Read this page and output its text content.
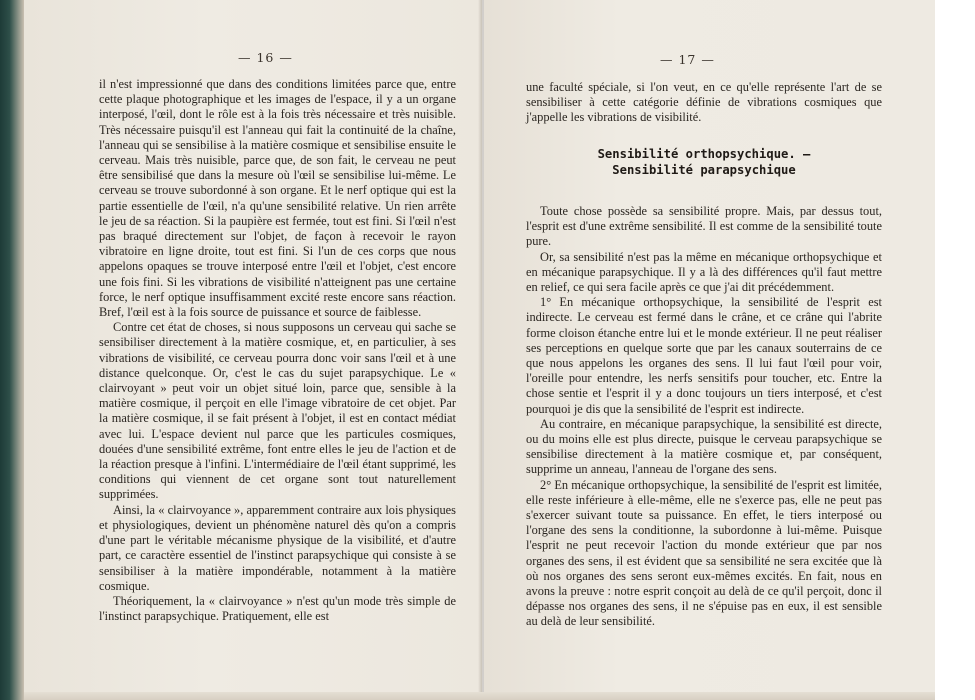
— 16 —

il n'est impressionné que dans des conditions limitées parce que, entre cette plaque photographique et les images de l'espace, il y a un organe interposé, l'œil, dont le rôle est à la fois très nécessaire et très nuisible. Très nécessaire puisqu'il est l'anneau qui fait la continuité de la chaîne, l'anneau qui se sensibilise à la matière cosmique et sensibilise ensuite le cerveau. Mais très nuisible, parce que, de son fait, le cerveau ne peut être sensibilisé que dans la mesure où l'œil se sensibilise lui-même. Le cerveau se trouve subordonné à son organe. Et le nerf optique qui est la partie essentielle de l'œil, n'a qu'une sensibilité relative. Un rien arrête le jeu de sa réaction. Si la paupière est fermée, tout est fini. Si l'œil n'est pas braqué directement sur l'objet, de façon à recevoir le rayon vibratoire en ligne droite, tout est fini. Si l'un de ces corps que nous appelons opaques se trouve interposé entre l'œil et l'objet, c'est encore une fois fini. Si les vibrations de visibilité n'atteignent pas une certaine force, le nerf optique insuffisamment excité reste encore sans réaction. Bref, l'œil est à la fois source de puissance et source de faiblesse.

Contre cet état de choses, si nous supposons un cerveau qui sache se sensibiliser directement à la matière cosmique, et, en particulier, à ses vibrations de visibilité, ce cerveau pourra donc voir sans l'œil et à une distance quelconque. Or, c'est le cas du sujet parapsychique. Le « clairvoyant » peut voir un objet situé loin, parce que, sensible à la matière cosmique, il perçoit en elle l'image vibratoire de cet objet. Par la matière cosmique, il se fait présent à l'objet, il est en contact médiat avec lui. L'espace devient nul parce que les particules cosmiques, douées d'une sensibilité extrême, font entre elles le jeu de l'action et de la réaction presque à l'infini. L'intermédiaire de l'œil étant supprimé, les conditions qui viennent de cet organe sont tout naturellement supprimées.

Ainsi, la « clairvoyance », apparemment contraire aux lois physiques et physiologiques, devient un phénomène naturel dès qu'on a compris d'une part le véritable mécanisme physique de la visibilité, et d'autre part, ce caractère essentiel de l'instinct parapsychique qui consiste à se sensibiliser à la matière impondérable, notamment à la matière cosmique.

Théoriquement, la « clairvoyance » n'est qu'un mode très simple de l'instinct parapsychique. Pratiquement, elle est

— 17 —

une faculté spéciale, si l'on veut, en ce qu'elle représente l'art de se sensibiliser à cette catégorie définie de vibrations cosmiques que j'appelle les vibrations de visibilité.

Sensibilité orthopsychique. —
Sensibilité parapsychique

Toute chose possède sa sensibilité propre. Mais, par dessus tout, l'esprit est d'une extrême sensibilité. Il est comme de la sensibilité toute pure.

Or, sa sensibilité n'est pas la même en mécanique orthopsychique et en mécanique parapsychique. Il y a là des différences qu'il faut mettre en relief, ce qui sera facile après ce que j'ai dit précédemment.

1° En mécanique orthopsychique, la sensibilité de l'esprit est indirecte. Le cerveau est fermé dans le crâne, et ce crâne qui l'abrite forme cloison étanche entre lui et le monde extérieur. Il ne peut réaliser ses perceptions en quelque sorte que par les canaux souterrains de ce que nous appelons les organes des sens. Il lui faut l'œil pour voir, l'oreille pour entendre, les nerfs sensitifs pour toucher, etc. Entre la chose sentie et l'esprit il y a donc toujours un tiers interposé, et c'est pourquoi je dis que la sensibilité de l'esprit est indirecte.

Au contraire, en mécanique parapsychique, la sensibilité est directe, ou du moins elle est plus directe, puisque le cerveau parapsychique se sensibilise directement à la matière cosmique et, par conséquent, supprime un anneau, l'anneau de l'organe des sens.

2° En mécanique orthopsychique, la sensibilité de l'esprit est limitée, elle reste inférieure à elle-même, elle ne s'exerce pas, elle ne peut pas s'exercer suivant toute sa puissance. En effet, le tiers interposé ou l'organe des sens la conditionne, la subordonne à lui-même. Puisque l'esprit ne peut recevoir l'action du monde extérieur que par nos organes des sens, il est évident que sa sensibilité ne sera excitée que là où nos organes des sens seront eux-mêmes excités. En fait, nous en avons la preuve : notre esprit conçoit au delà de ce qu'il perçoit, donc il dépasse nos organes des sens, il ne s'épuise pas en eux, il est sensible au delà de leur sensibilité.
